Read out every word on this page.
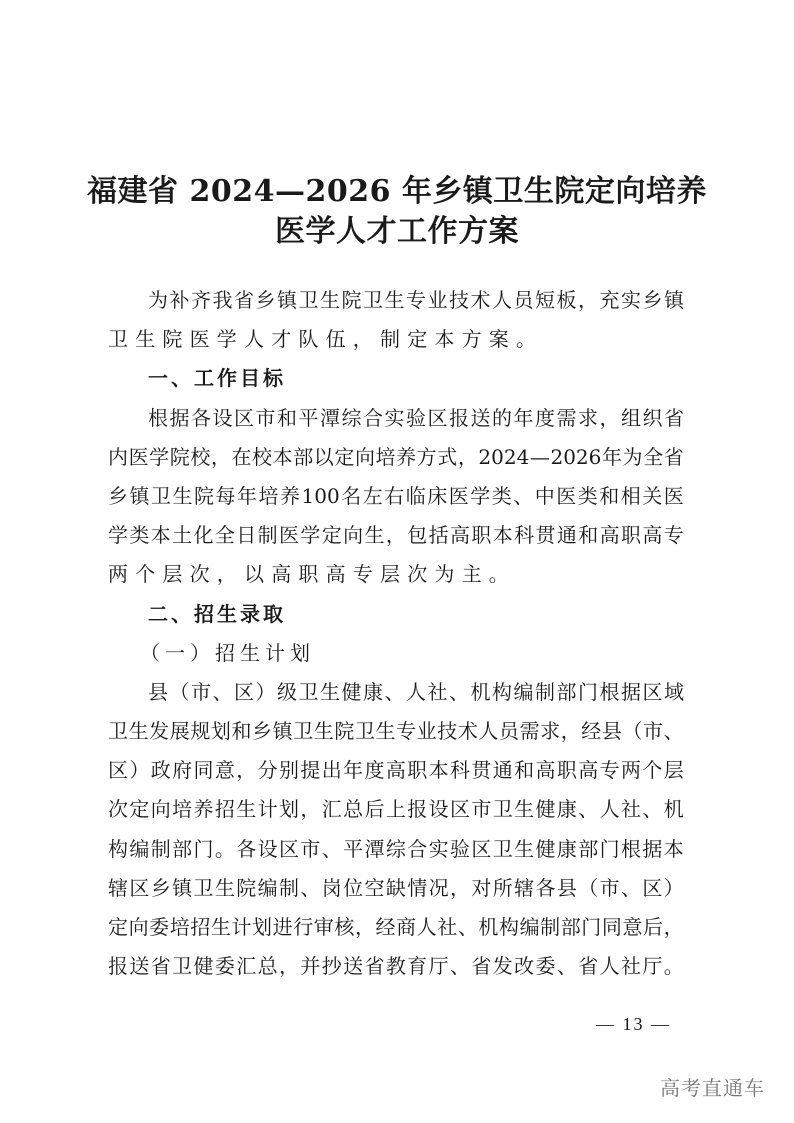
福建省 2024—2026 年乡镇卫生院定向培养
医学人才工作方案
为 补 齐 我 省 乡 镇 卫 生 院 卫 生 专 业 技 术 人 员 短 板 ， 充 实 乡 镇
卫生院医学人才队伍，制定本方案。
一、工作目标
根 据 各 设 区 市 和 平 潭 综 合 实 验 区 报 送 的 年 度 需 求 ， 组 织 省
内 医 学 院 校 ， 在 校 本 部 以 定 向 培 养 方 式 ， 2024 — 2026 年 为 全 省
乡 镇 卫 生 院 每 年 培 养 100 名 左 右 临 床 医 学 类 、 中 医 类 和 相 关 医
学 类 本 土 化 全 日 制 医 学 定 向 生 ， 包 括 高 职 本 科 贯 通 和 高 职 高 专
两个层次，以高职高专层次为主。
二、招生录取
（一）招生计划
县 （ 市 、 区 ） 级 卫 生 健 康 、 人 社 、 机 构 编 制 部 门 根 据 区 域
卫 生 发 展 规 划 和 乡 镇 卫 生 院 卫 生 专 业 技 术 人 员 需 求 ， 经 县 （ 市 、
区 ） 政 府 同 意 ， 分 别 提 出 年 度 高 职 本 科 贯 通 和 高 职 高 专 两 个 层
次 定 向 培 养 招 生 计 划 ， 汇 总 后 上 报 设 区 市 卫 生 健 康 、 人 社 、 机
构 编 制 部 门 。 各 设 区 市 、 平 潭 综 合 实 验 区 卫 生 健 康 部 门 根 据 本
辖 区 乡 镇 卫 生 院 编 制 、 岗 位 空 缺 情 况 ， 对 所 辖 各 县 （ 市 、 区 ）
定 向 委 培 招 生 计 划 进 行 审 核 ， 经 商 人 社 、 机 构 编 制 部 门 同 意 后 ，
报 送 省 卫 健 委 汇 总 ， 并 抄 送 省 教 育 厅 、 省 发 改 委 、 省 人 社 厅 。
— 13 —
高考直通车
